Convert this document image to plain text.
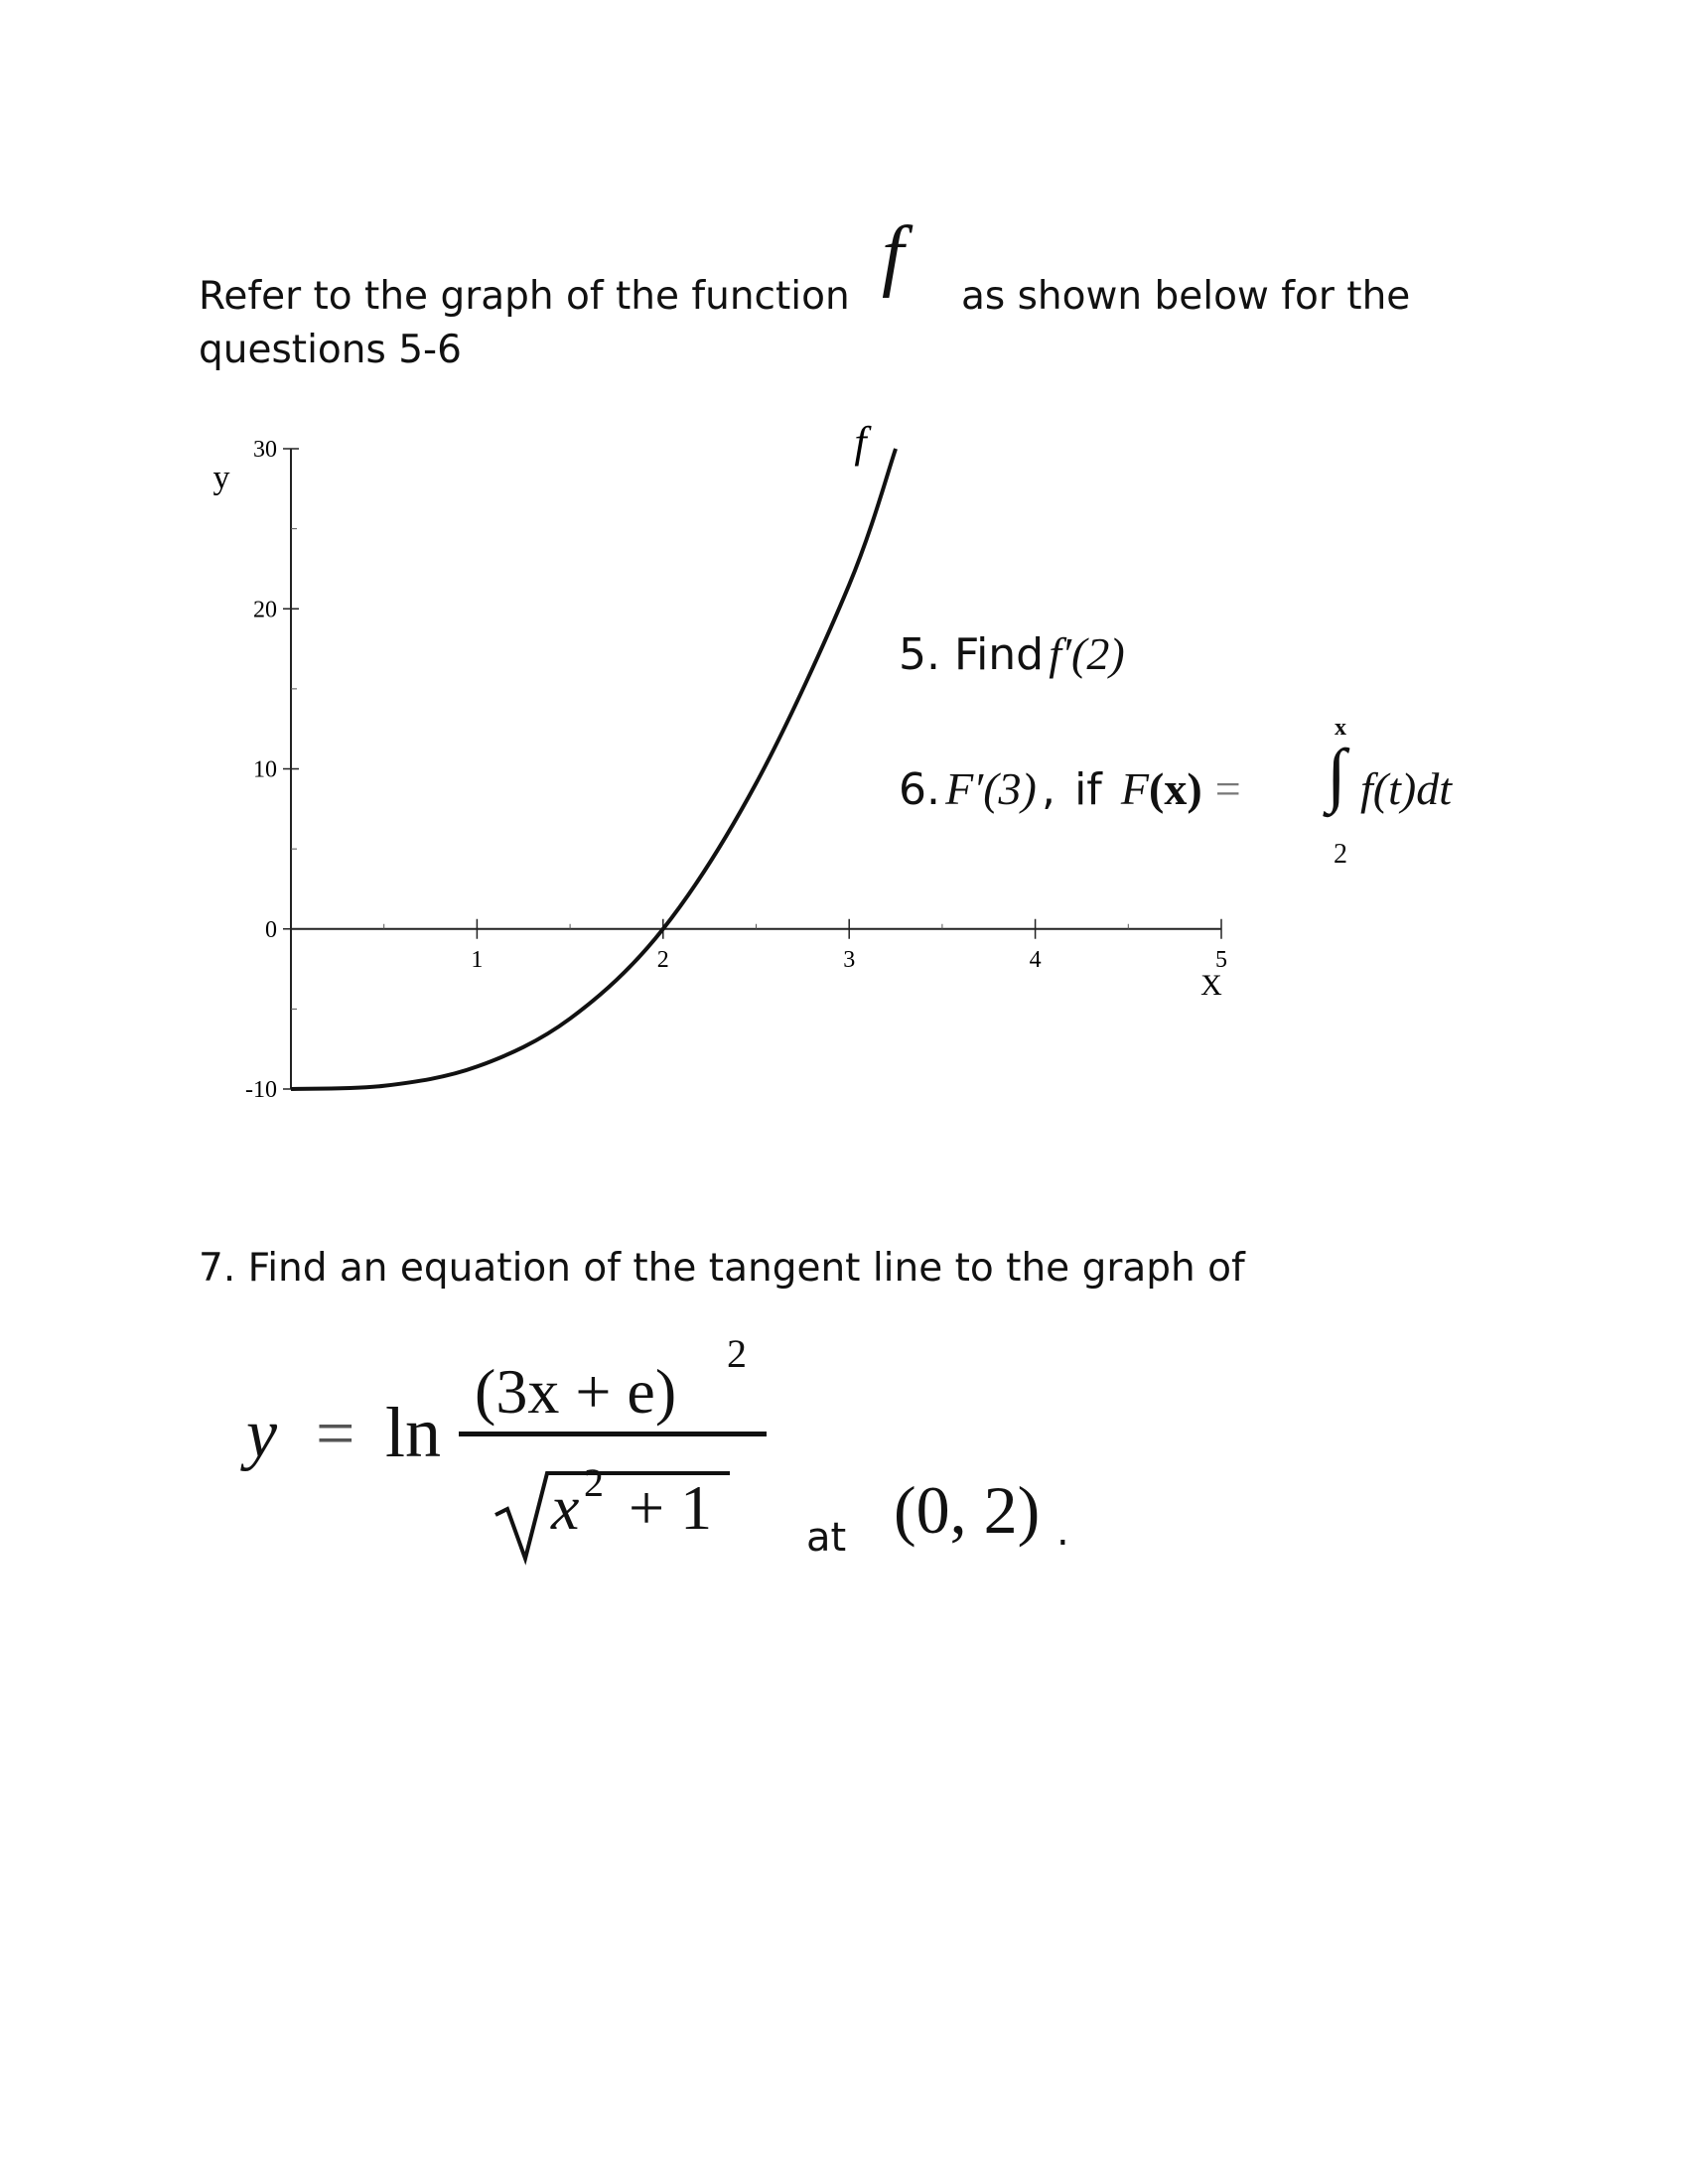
Refer to the graph of the function f as shown below for the
questions 5-6
-10
0
10
20
30
1	2	3	4	5
y
X
f
5. Find f′(2)
6. F′(3) , if F(x) = ∫
x
2
f(t)dt
7. Find an equation of the tangent line to the graph of
y = ln
(3x + e)
2
x 2 + 1 at (0, 2) .
